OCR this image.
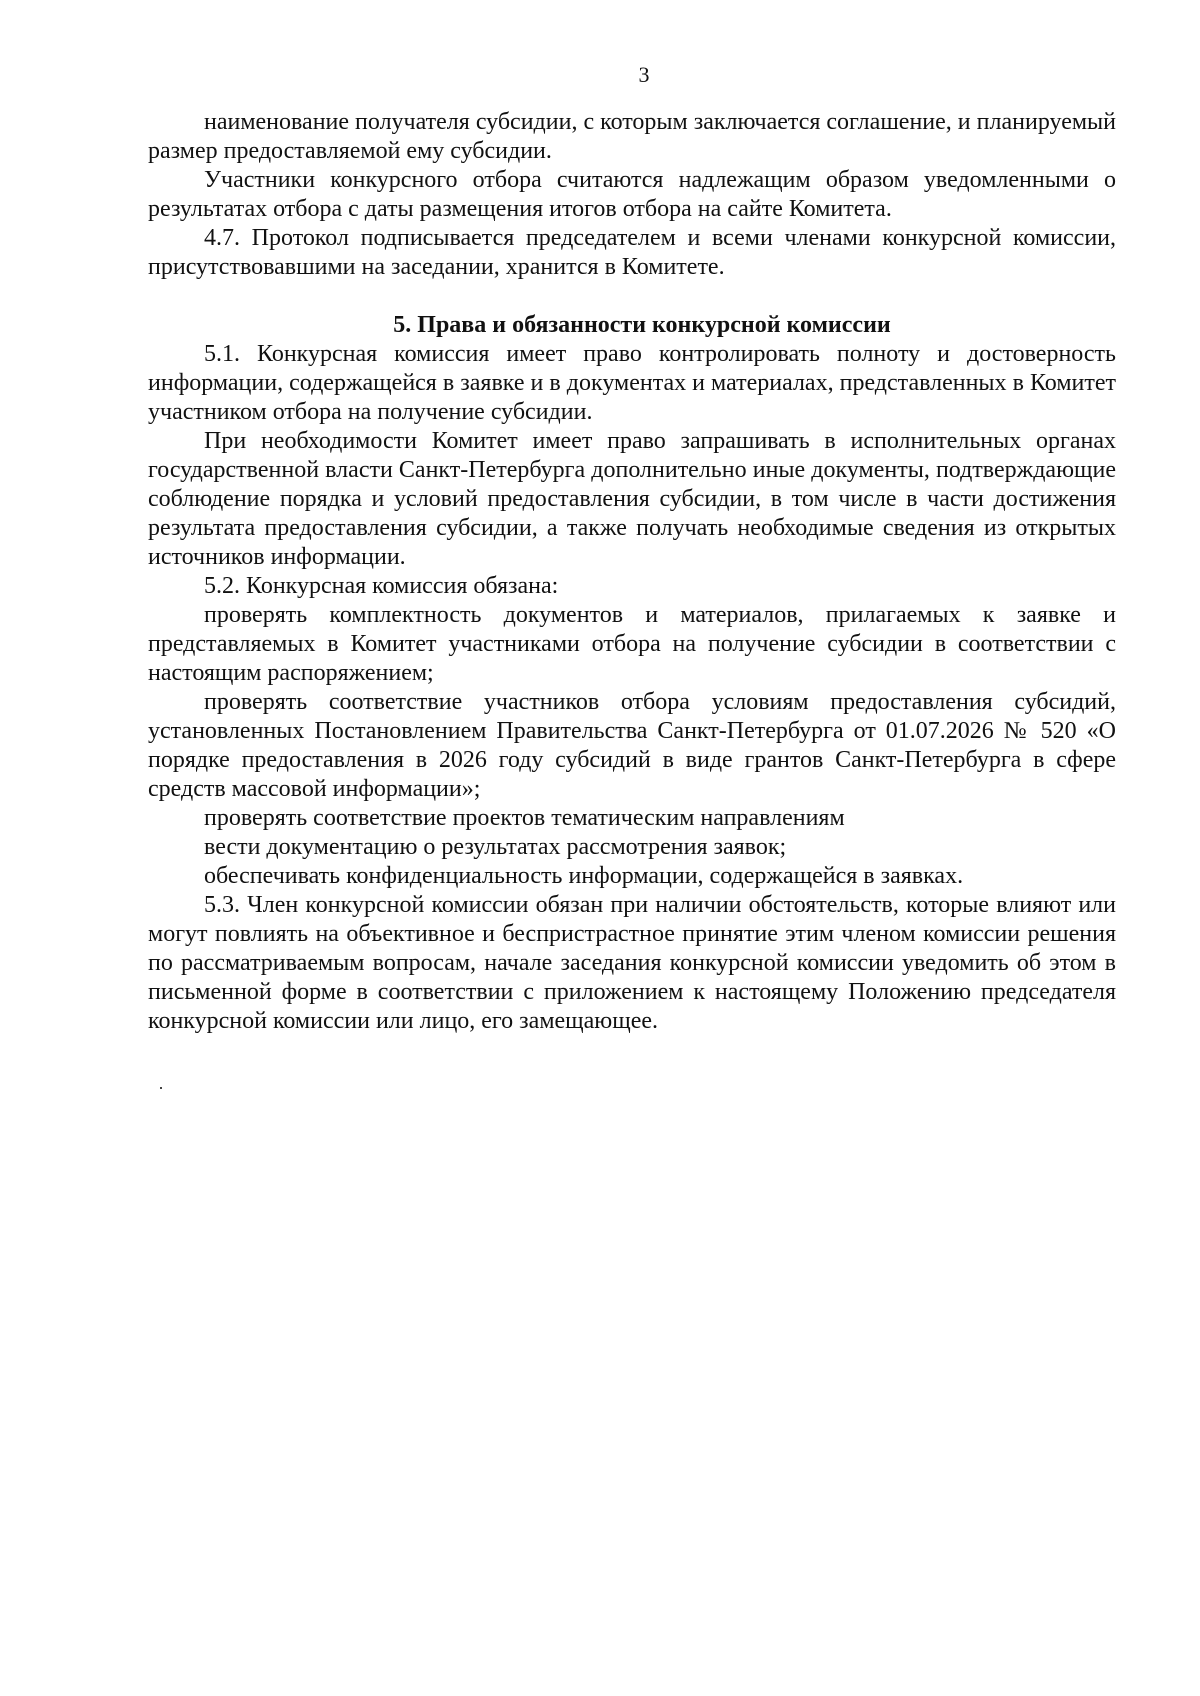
3

наименование получателя субсидии, с которым заключается соглашение, и планируемый размер предоставляемой ему субсидии.

Участники конкурсного отбора считаются надлежащим образом уведомленными о результатах отбора с даты размещения итогов отбора на сайте Комитета.

4.7. Протокол подписывается председателем и всеми членами конкурсной комиссии, присутствовавшими на заседании, хранится в Комитете.

5. Права и обязанности конкурсной комиссии

5.1. Конкурсная комиссия имеет право контролировать полноту и достоверность информации, содержащейся в заявке и в документах и материалах, представленных в Комитет участником отбора на получение субсидии.

При необходимости Комитет имеет право запрашивать в исполнительных органах государственной власти Санкт-Петербурга дополнительно иные документы, подтверждающие соблюдение порядка и условий предоставления субсидии, в том числе в части достижения результата предоставления субсидии, а также получать необходимые сведения из открытых источников информации.

5.2. Конкурсная комиссия обязана:

проверять комплектность документов и материалов, прилагаемых к заявке и представляемых в Комитет участниками отбора на получение субсидии в соответствии с настоящим распоряжением;

проверять соответствие участников отбора условиям предоставления субсидий, установленных Постановлением Правительства Санкт-Петербурга от 01.07.2026 № 520 «О порядке предоставления в 2026 году субсидий в виде грантов Санкт-Петербурга в сфере средств массовой информации»;

проверять соответствие проектов тематическим направлениям

вести документацию о результатах рассмотрения заявок;

обеспечивать конфиденциальность информации, содержащейся в заявках.

5.3. Член конкурсной комиссии обязан при наличии обстоятельств, которые влияют или могут повлиять на объективное и беспристрастное принятие этим членом комиссии решения по рассматриваемым вопросам, начале заседания конкурсной комиссии уведомить об этом в письменной форме в соответствии с приложением к настоящему Положению председателя конкурсной комиссии или лицо, его замещающее.
